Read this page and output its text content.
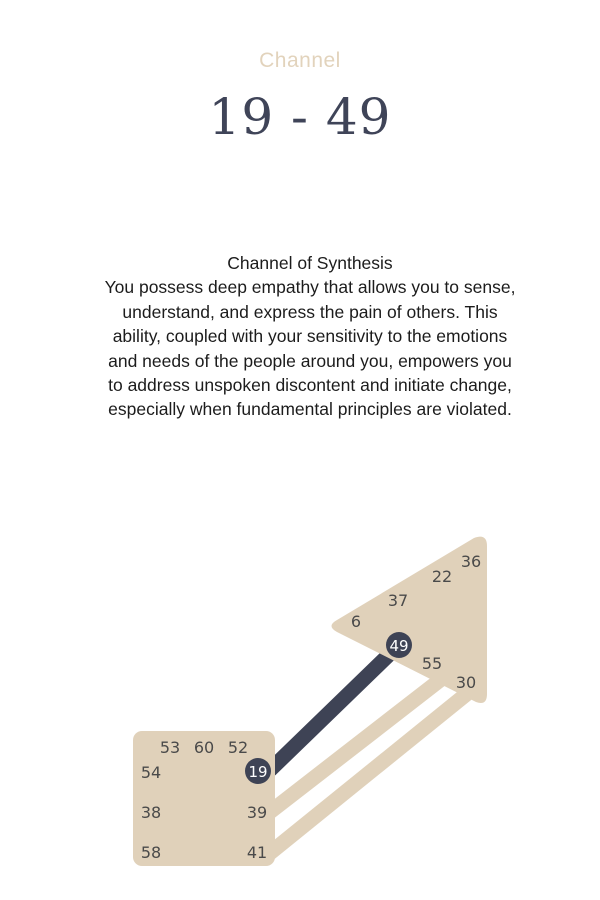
Channel
19 - 49
Channel of Synthesis
You possess deep empathy that allows you to sense, understand, and express the pain of others. This ability, coupled with your sensitivity to the emotions and needs of the people around you, empowers you to address unspoken discontent and initiate change, especially when fundamental principles are violated.
53 60 52
54	19
38	39
58	41
36
22
37
6
49
55
30
